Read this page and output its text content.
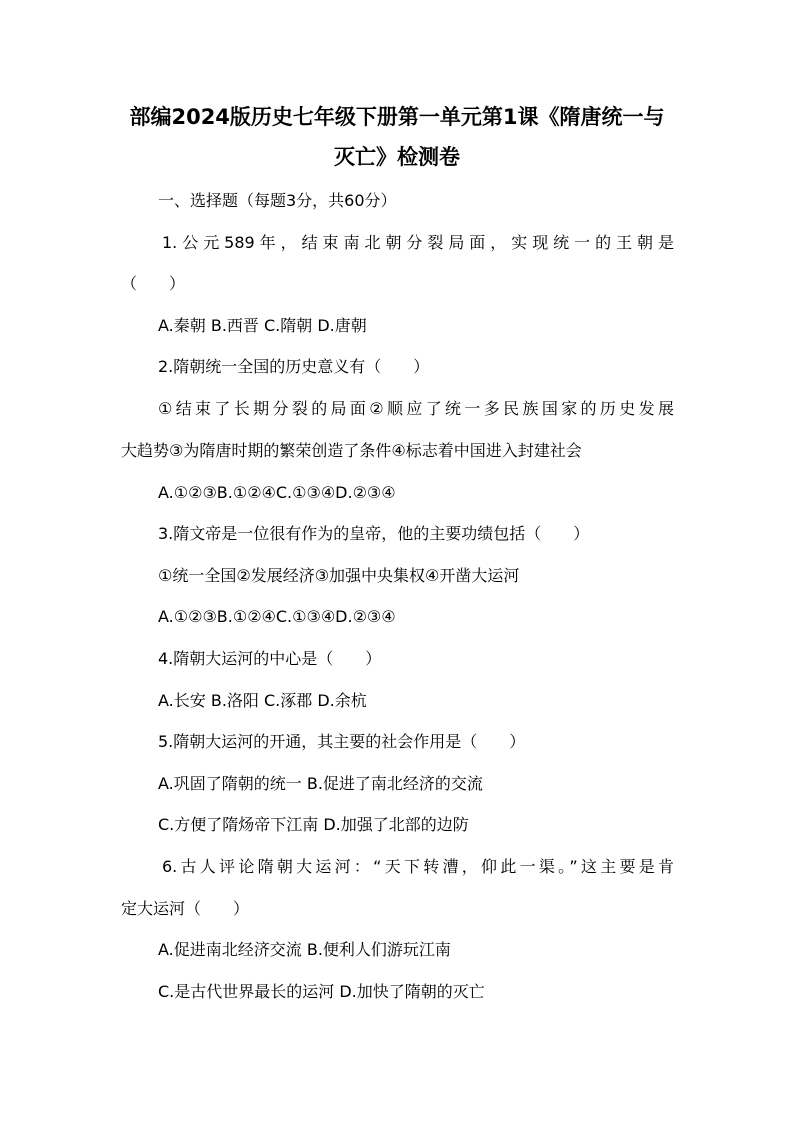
部编2024版历史七年级下册第一单元第1课《隋唐统一与
灭亡》检测卷

一、选择题（每题3分，共60分）

1.公元589年，结束南北朝分裂局面，实现统一的王朝是

（　　）

A.秦朝 B.西晋 C.隋朝 D.唐朝

2.隋朝统一全国的历史意义有（　　）

①结束了长期分裂的局面②顺应了统一多民族国家的历史发展

大趋势③为隋唐时期的繁荣创造了条件④标志着中国进入封建社会

A.①②③B.①②④C.①③④D.②③④

3.隋文帝是一位很有作为的皇帝，他的主要功绩包括（　　）

①统一全国②发展经济③加强中央集权④开凿大运河

A.①②③B.①②④C.①③④D.②③④

4.隋朝大运河的中心是（　　）

A.长安 B.洛阳 C.涿郡 D.余杭

5.隋朝大运河的开通，其主要的社会作用是（　　）

A.巩固了隋朝的统一 B.促进了南北经济的交流

C.方便了隋炀帝下江南 D.加强了北部的边防

6.古人评论隋朝大运河：“天下转漕，仰此一渠。”这主要是肯

定大运河（　　）

A.促进南北经济交流 B.便利人们游玩江南

C.是古代世界最长的运河 D.加快了隋朝的灭亡
